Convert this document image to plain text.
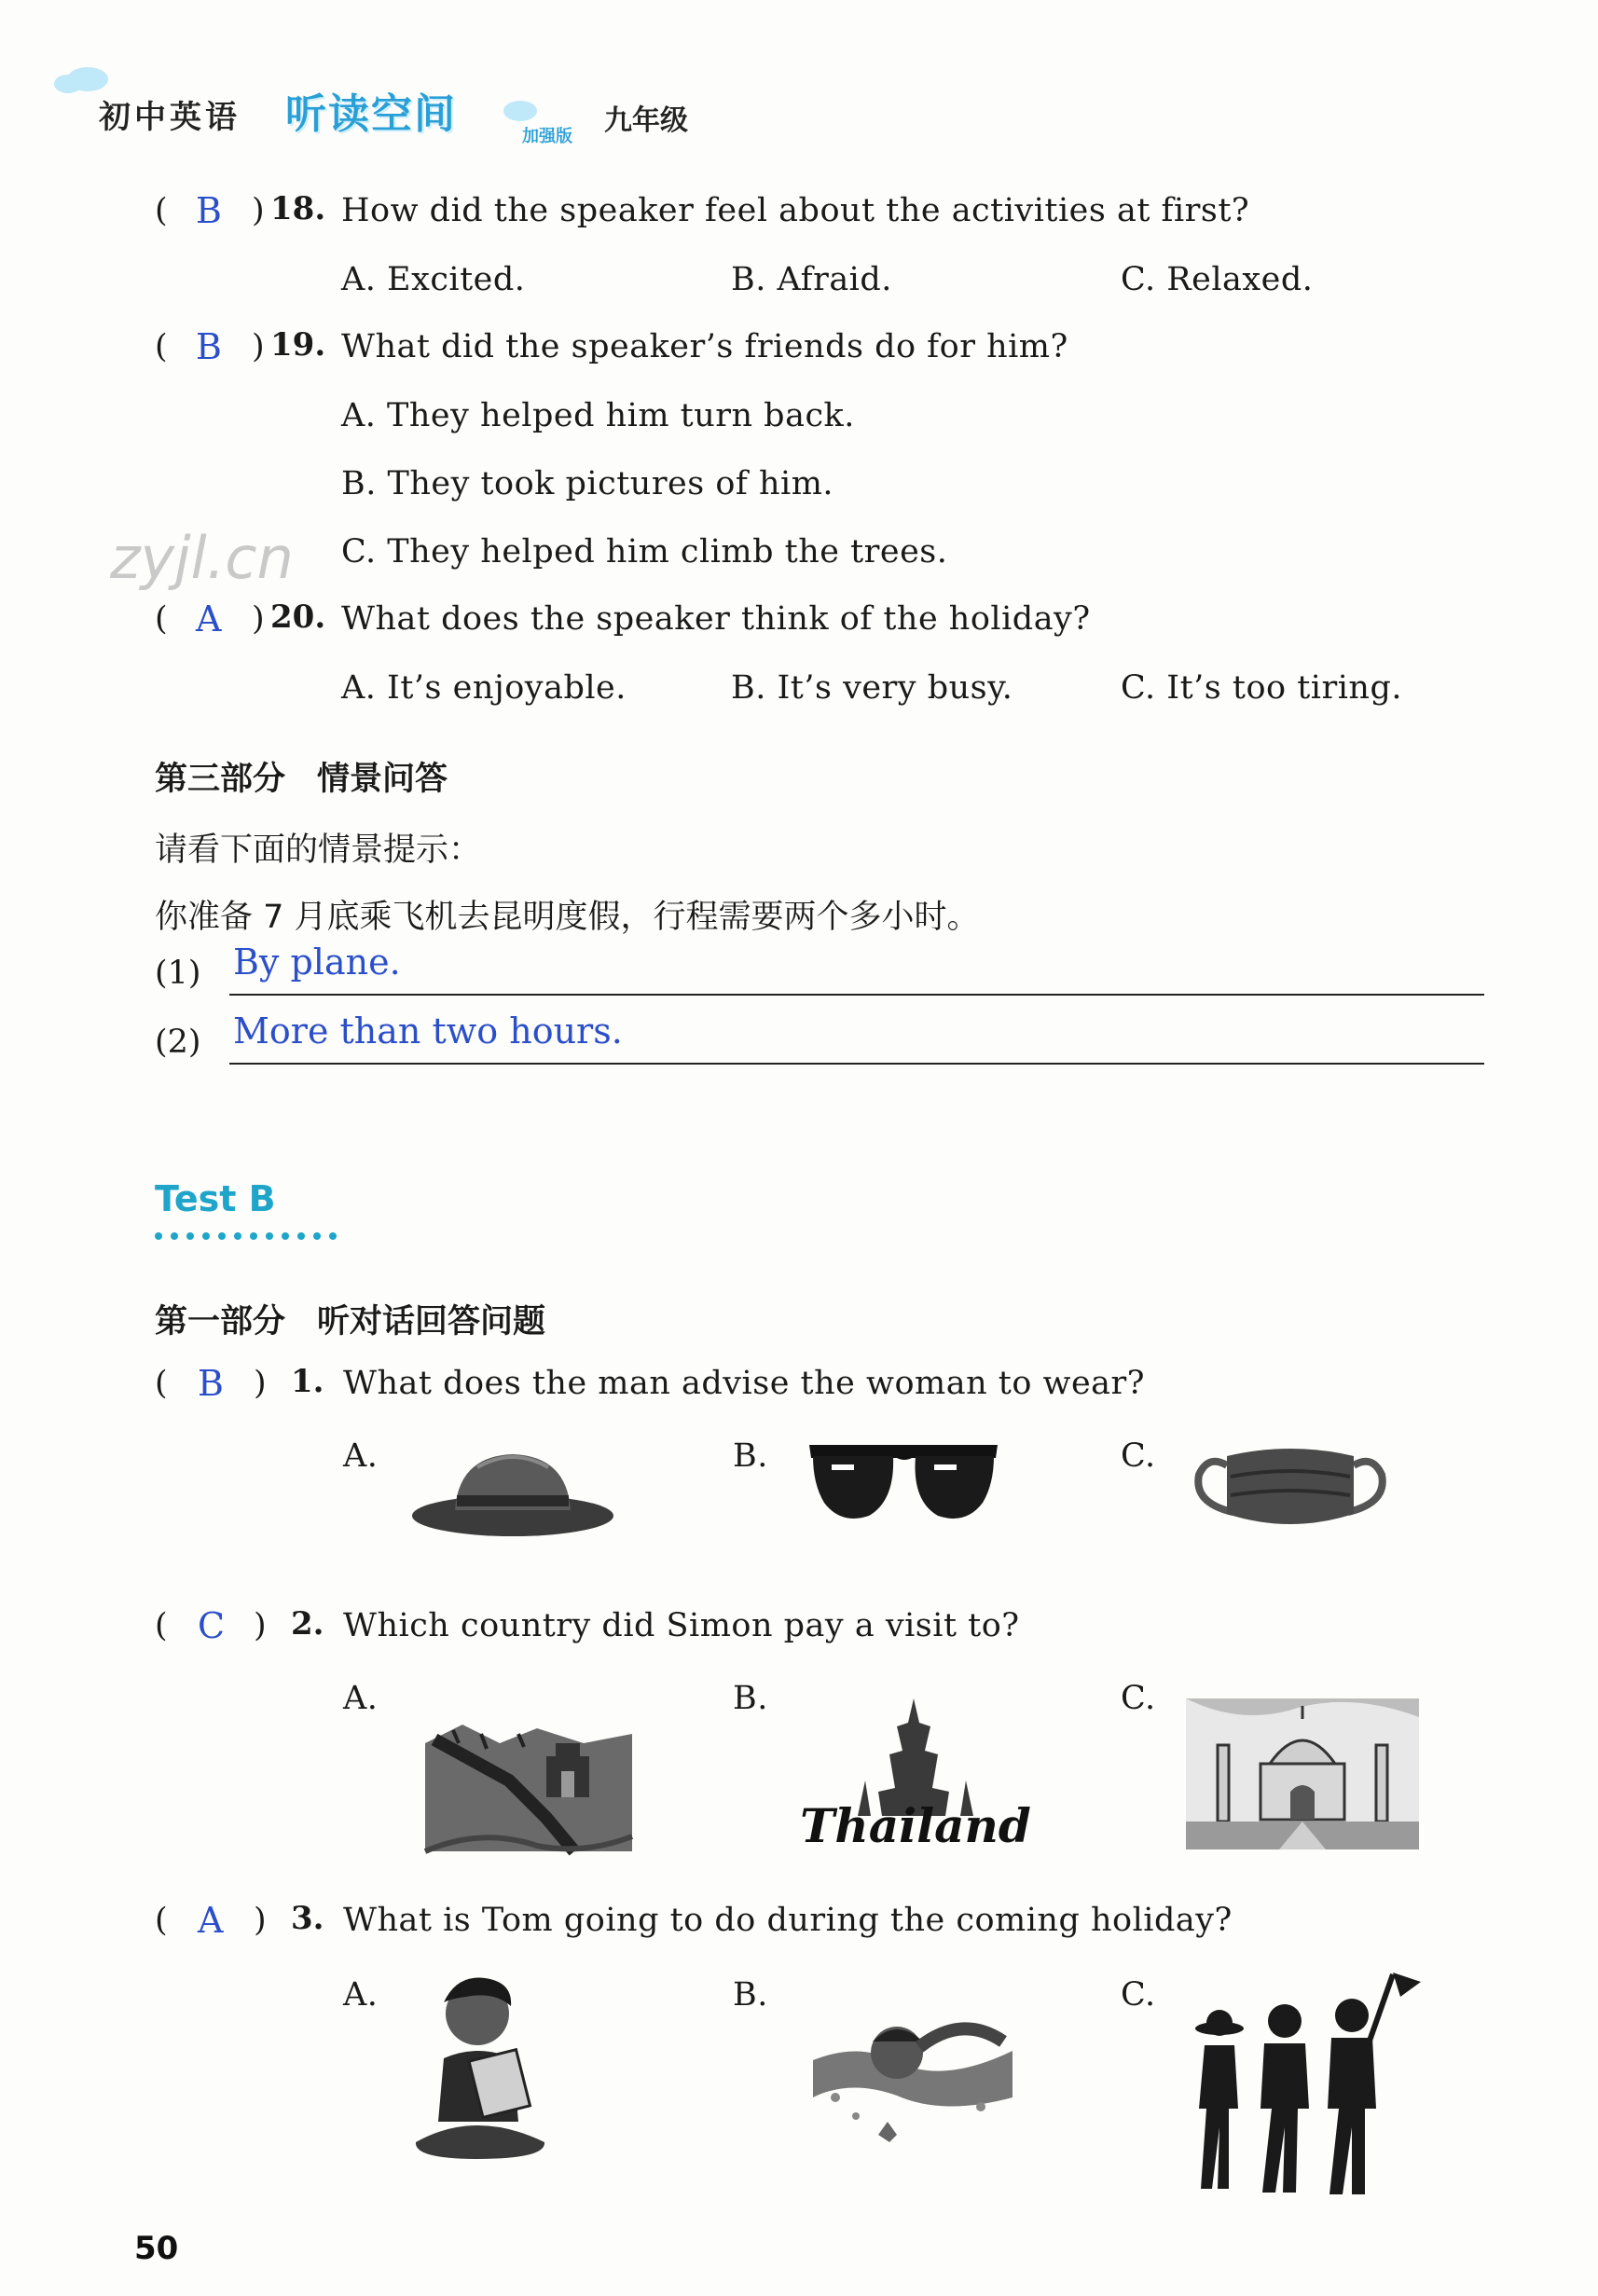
初中英语 听读空间	加强版 九年级
( B ) 18. How did the speaker feel about the activities at first?
A. Excited.	B. Afraid.	C. Relaxed.
( B ) 19. What did the speaker’s friends do for him?
A. They helped him turn back.
B. They took pictures of him.
C. They helped him climb the trees.
zyjl.cn
( A ) 20. What does the speaker think of the holiday?
A. It’s enjoyable.	B. It’s very busy.	C. It’s too tiring.
第三部分 情景问答
请看下面的情景提示：
你准备 7 月底乘飞机去昆明度假，行程需要两个多小时。
(1) By plane.
(2) More than two hours.
Test B
第一部分 听对话回答问题
( B ) 1. What does the man advise the woman to wear?
A.	B.	C.
( C ) 2. Which country did Simon pay a visit to?
A.	B.	C.
Thailand
( A ) 3. What is Tom going to do during the coming holiday?
A.	B.	C.
50
